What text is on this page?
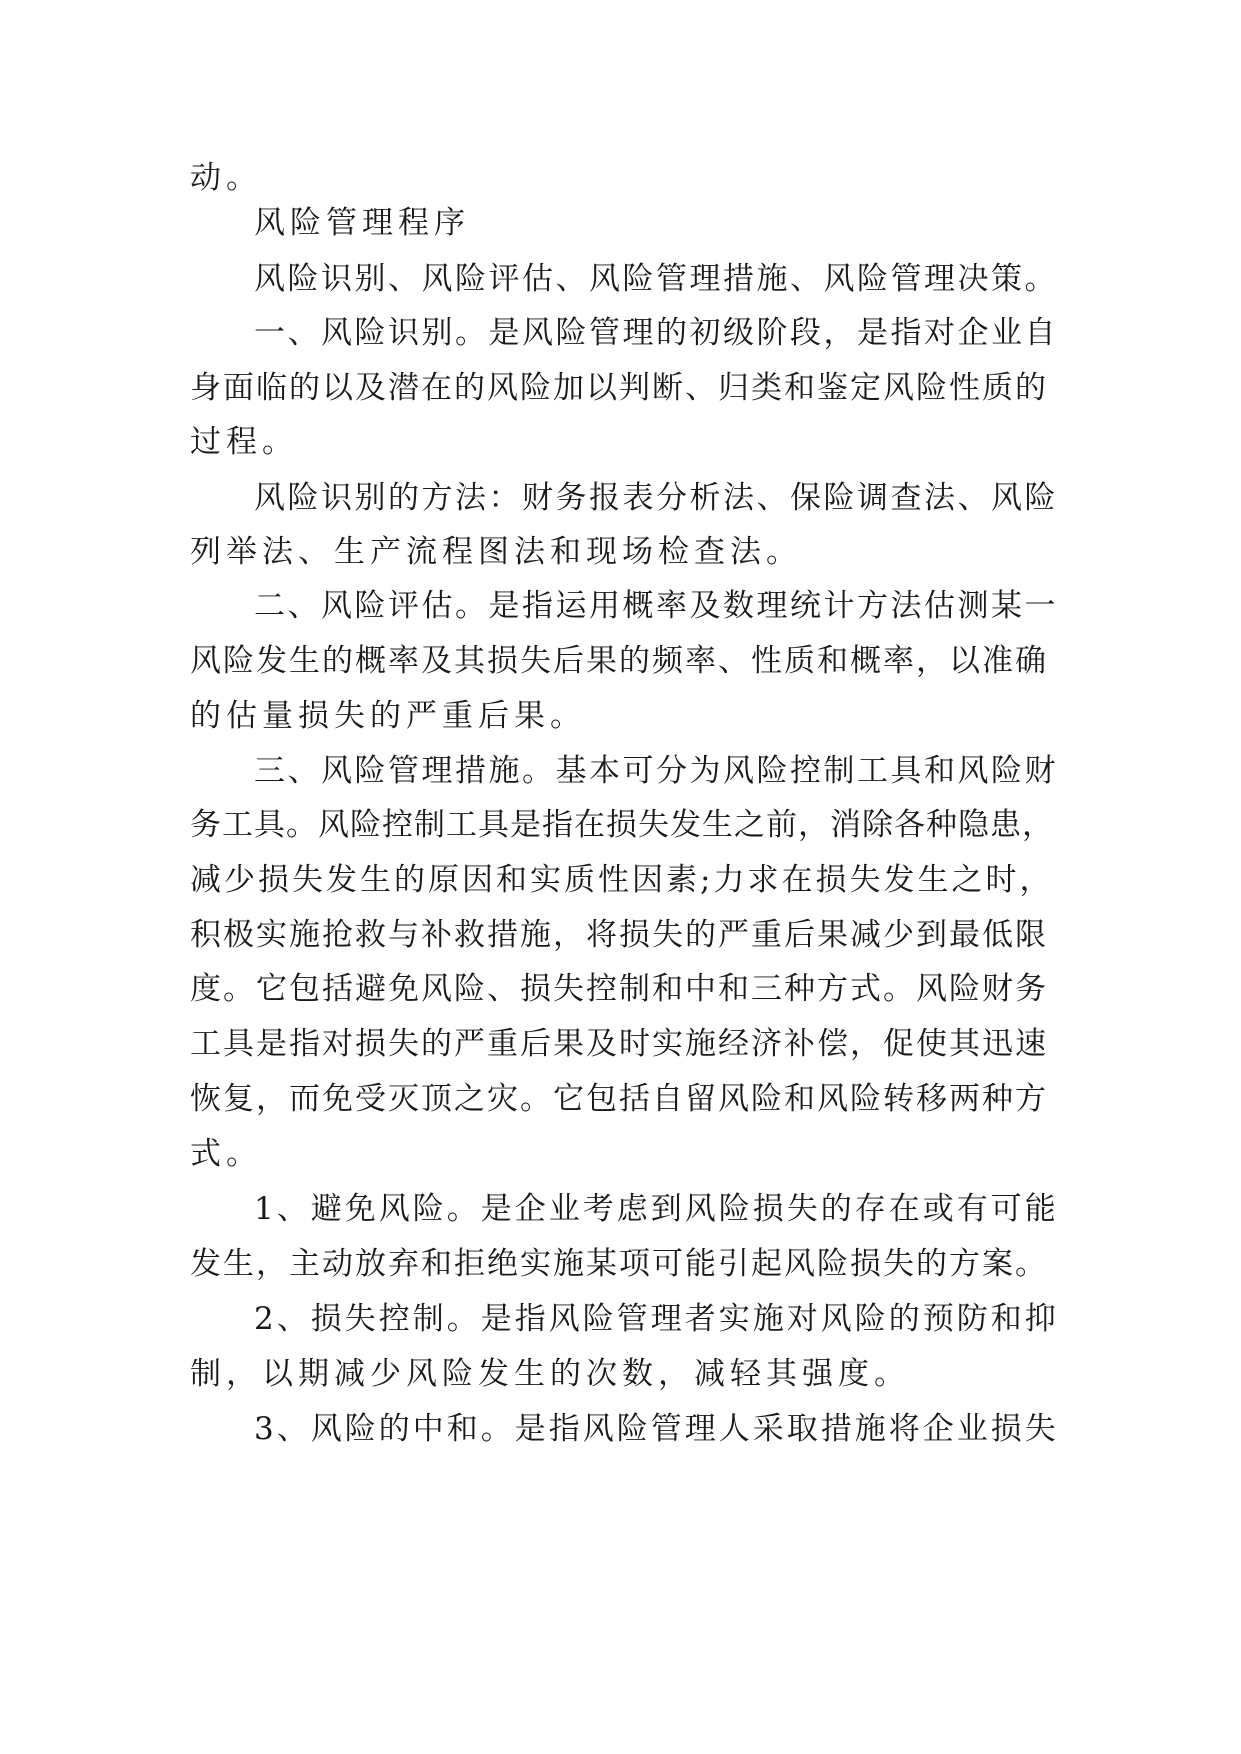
动。
风险管理程序
风险识别、风险评估、风险管理措施、风险管理决策。
一、风险识别。是风险管理的初级阶段，是指对企业自
身面临的以及潜在的风险加以判断、归类和鉴定风险性质的
过程。
风险识别的方法：财务报表分析法、保险调查法、风险
列举法、生产流程图法和现场检查法。
二、风险评估。是指运用概率及数理统计方法估测某一
风险发生的概率及其损失后果的频率、性质和概率，以准确
的估量损失的严重后果。
三、风险管理措施。基本可分为风险控制工具和风险财
务工具。风险控制工具是指在损失发生之前，消除各种隐患，
减少损失发生的原因和实质性因素;力求在损失发生之时，
积极实施抢救与补救措施，将损失的严重后果减少到最低限
度。它包括避免风险、损失控制和中和三种方式。风险财务
工具是指对损失的严重后果及时实施经济补偿，促使其迅速
恢复，而免受灭顶之灾。它包括自留风险和风险转移两种方
式。
1、避免风险。是企业考虑到风险损失的存在或有可能
发生，主动放弃和拒绝实施某项可能引起风险损失的方案。
2、损失控制。是指风险管理者实施对风险的预防和抑
制，以期减少风险发生的次数，减轻其强度。
3、风险的中和。是指风险管理人采取措施将企业损失
